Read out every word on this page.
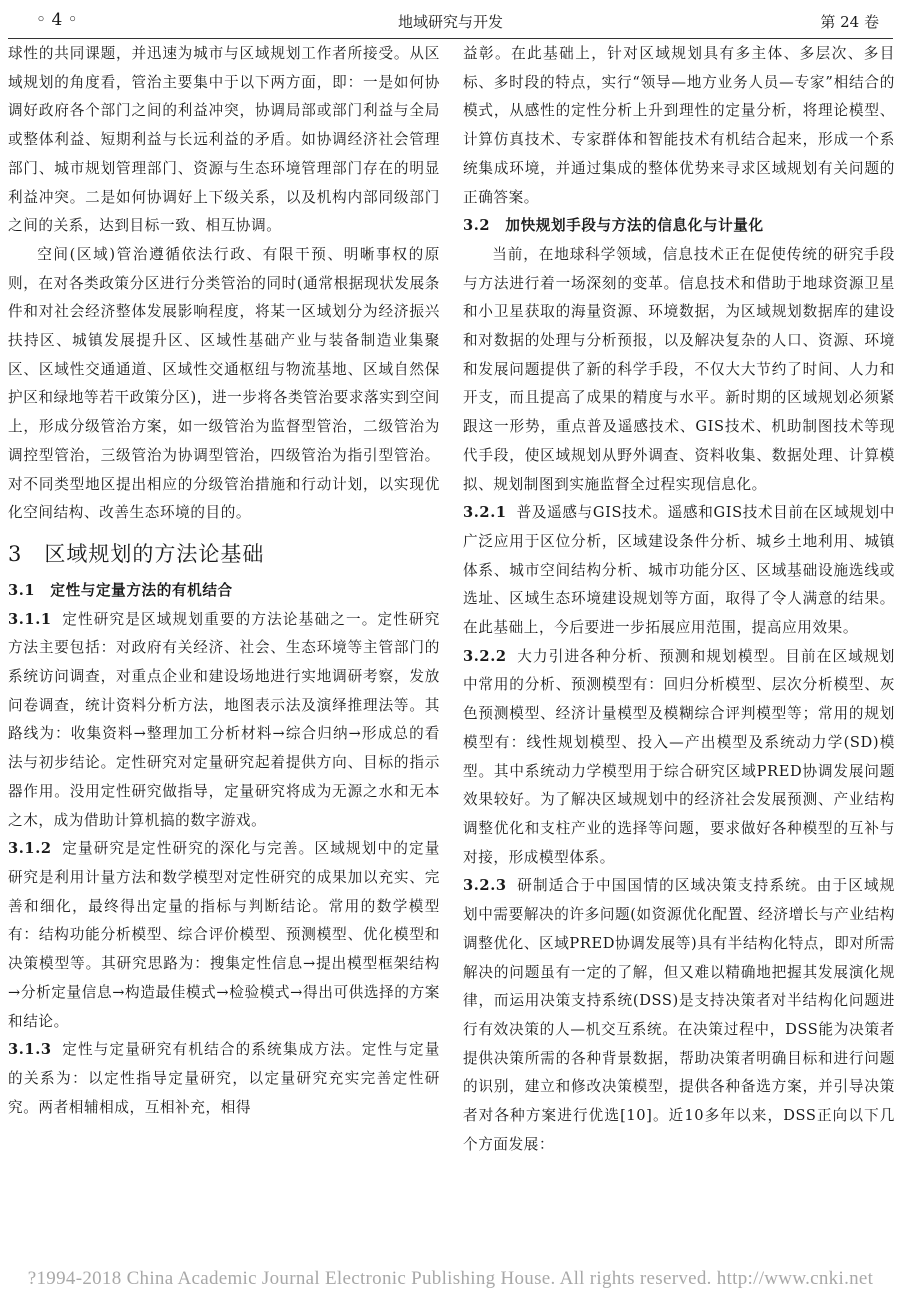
◦ 4 ◦	地域研究与开发	第 24 卷

球性的共同课题，并迅速为城市与区域规划工作者所接受。从区域规划的角度看，管治主要集中于以下两方面，即：一是如何协调好政府各个部门之间的利益冲突，协调局部或部门利益与全局或整体利益、短期利益与长远利益的矛盾。如协调经济社会管理部门、城市规划管理部门、资源与生态环境管理部门存在的明显利益冲突。二是如何协调好上下级关系，以及机构内部同级部门之间的关系，达到目标一致、相互协调。

空间(区域)管治遵循依法行政、有限干预、明晰事权的原则，在对各类政策分区进行分类管治的同时(通常根据现状发展条件和对社会经济整体发展影响程度，将某一区域划分为经济振兴扶持区、城镇发展提升区、区域性基础产业与装备制造业集聚区、区域性交通通道、区域性交通枢纽与物流基地、区域自然保护区和绿地等若干政策分区)，进一步将各类管治要求落实到空间上，形成分级管治方案，如一级管治为监督型管治，二级管治为调控型管治，三级管治为协调型管治，四级管治为指引型管治。对不同类型地区提出相应的分级管治措施和行动计划，以实现优化空间结构、改善生态环境的目的。

3　区域规划的方法论基础
3.1　定性与定量方法的有机结合

3.1.1 定性研究是区域规划重要的方法论基础之一。定性研究方法主要包括：对政府有关经济、社会、生态环境等主管部门的系统访问调查，对重点企业和建设场地进行实地调研考察，发放问卷调查，统计资料分析方法，地图表示法及演绎推理法等。其路线为：收集资料→整理加工分析材料→综合归纳→形成总的看法与初步结论。定性研究对定量研究起着提供方向、目标的指示器作用。没用定性研究做指导，定量研究将成为无源之水和无本之木，成为借助计算机搞的数字游戏。

3.1.2 定量研究是定性研究的深化与完善。区域规划中的定量研究是利用计量方法和数学模型对定性研究的成果加以充实、完善和细化，最终得出定量的指标与判断结论。常用的数学模型有：结构功能分析模型、综合评价模型、预测模型、优化模型和决策模型等。其研究思路为：搜集定性信息→提出模型框架结构→分析定量信息→构造最佳模式→检验模式→得出可供选择的方案和结论。

3.1.3 定性与定量研究有机结合的系统集成方法。定性与定量的关系为：以定性指导定量研究，以定量研究充实完善定性研究。两者相辅相成，互相补充，相得

益彰。在此基础上，针对区域规划具有多主体、多层次、多目标、多时段的特点，实行“领导—地方业务人员—专家”相结合的模式，从感性的定性分析上升到理性的定量分析，将理论模型、计算仿真技术、专家群体和智能技术有机结合起来，形成一个系统集成环境，并通过集成的整体优势来寻求区域规划有关问题的正确答案。

3.2　加快规划手段与方法的信息化与计量化

当前，在地球科学领域，信息技术正在促使传统的研究手段与方法进行着一场深刻的变革。信息技术和借助于地球资源卫星和小卫星获取的海量资源、环境数据，为区域规划数据库的建设和对数据的处理与分析预报，以及解决复杂的人口、资源、环境和发展问题提供了新的科学手段，不仅大大节约了时间、人力和开支，而且提高了成果的精度与水平。新时期的区域规划必须紧跟这一形势，重点普及遥感技术、GIS技术、机助制图技术等现代手段，使区域规划从野外调查、资料收集、数据处理、计算模拟、规划制图到实施监督全过程实现信息化。

3.2.1 普及遥感与GIS技术。遥感和GIS技术目前在区域规划中广泛应用于区位分析，区域建设条件分析、城乡土地利用、城镇体系、城市空间结构分析、城市功能分区、区域基础设施选线或选址、区域生态环境建设规划等方面，取得了令人满意的结果。在此基础上，今后要进一步拓展应用范围，提高应用效果。

3.2.2 大力引进各种分析、预测和规划模型。目前在区域规划中常用的分析、预测模型有：回归分析模型、层次分析模型、灰色预测模型、经济计量模型及模糊综合评判模型等；常用的规划模型有：线性规划模型、投入—产出模型及系统动力学(SD)模型。其中系统动力学模型用于综合研究区域PRED协调发展问题效果较好。为了解决区域规划中的经济社会发展预测、产业结构调整优化和支柱产业的选择等问题，要求做好各种模型的互补与对接，形成模型体系。

3.2.3 研制适合于中国国情的区域决策支持系统。由于区域规划中需要解决的许多问题(如资源优化配置、经济增长与产业结构调整优化、区域PRED协调发展等)具有半结构化特点，即对所需解决的问题虽有一定的了解，但又难以精确地把握其发展演化规律，而运用决策支持系统(DSS)是支持决策者对半结构化问题进行有效决策的人—机交互系统。在决策过程中，DSS能为决策者提供决策所需的各种背景数据，帮助决策者明确目标和进行问题的识别，建立和修改决策模型，提供各种备选方案，并引导决策者对各种方案进行优选[10]。近10多年以来，DSS正向以下几个方面发展：

?1994-2018 China Academic Journal Electronic Publishing House. All rights reserved. http://www.cnki.net
